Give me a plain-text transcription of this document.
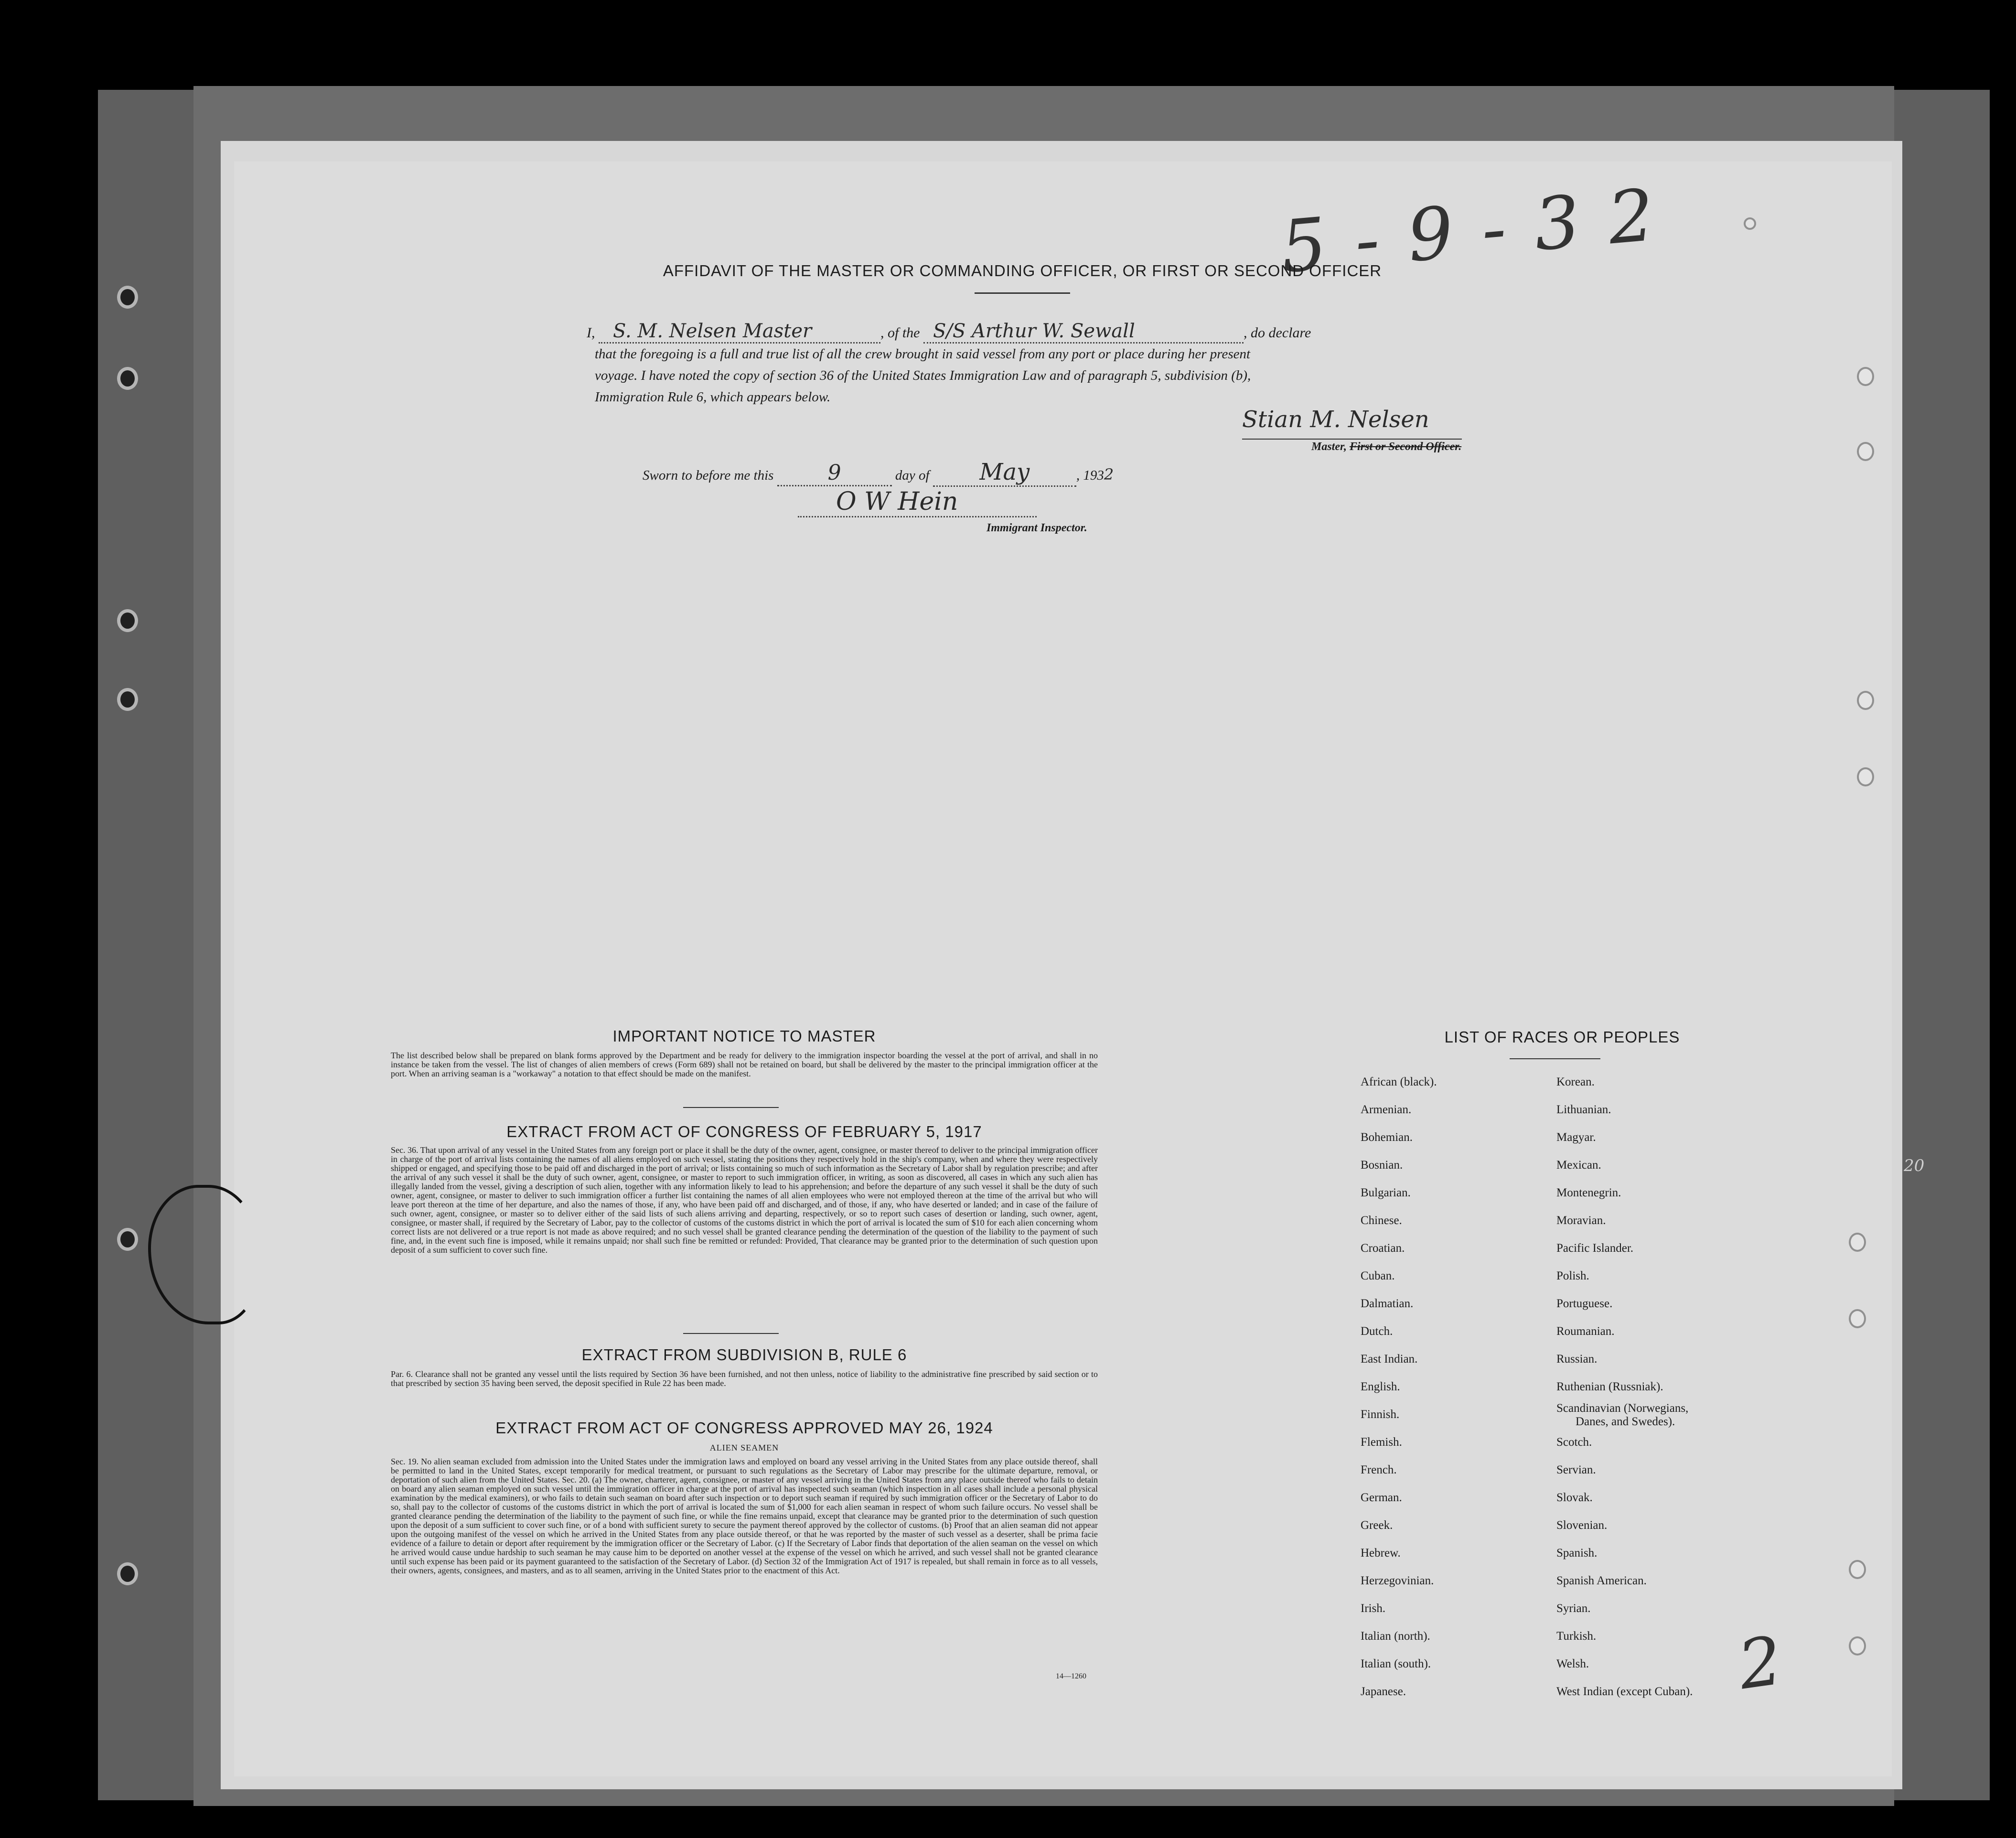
5-9-32
AFFIDAVIT OF THE MASTER OR COMMANDING OFFICER, OR FIRST OR SECOND OFFICER
I, S. M. Nelsen Master	, of the S/S Arthur W. Sewall	, do declare
that the foregoing is a full and true list of all the crew brought in said vessel from any port or place during her present
voyage. I have noted the copy of section 36 of the United States Immigration Law and of paragraph 5, subdivision (b),
Immigration Rule 6, which appears below.
Stian M. Nelsen
Master, First or Second Officer.
Sworn to before me this	9	day of May	, 1932
O W Hein
Immigrant Inspector.
IMPORTANT NOTICE TO MASTER
The list described below shall be prepared on blank forms approved by the Department and be ready for delivery to the immigration inspector boarding the vessel at the port of arrival, and shall in no instance be taken from the vessel. The list of changes of alien members of crews (Form 689) shall not be retained on board, but shall be delivered by the master to the principal immigration officer at the port. When an arriving seaman is a "workaway" a notation to that effect should be made on the manifest.
EXTRACT FROM ACT OF CONGRESS OF FEBRUARY 5, 1917
Sec. 36. That upon arrival of any vessel in the United States from any foreign port or place it shall be the duty of the owner, agent, consignee, or master thereof to deliver to the principal immigration officer in charge of the port of arrival lists containing the names of all aliens employed on such vessel, stating the positions they respectively hold in the ship's company, when and where they were respectively shipped or engaged, and specifying those to be paid off and discharged in the port of arrival; or lists containing so much of such information as the Secretary of Labor shall by regulation prescribe; and after the arrival of any such vessel it shall be the duty of such owner, agent, consignee, or master to report to such immigration officer, in writing, as soon as discovered, all cases in which any such alien has illegally landed from the vessel, giving a description of such alien, together with any information likely to lead to his apprehension; and before the departure of any such vessel it shall be the duty of such owner, agent, consignee, or master to deliver to such immigration officer a further list containing the names of all alien employees who were not employed thereon at the time of the arrival but who will leave port thereon at the time of her departure, and also the names of those, if any, who have been paid off and discharged, and of those, if any, who have deserted or landed; and in case of the failure of such owner, agent, consignee, or master so to deliver either of the said lists of such aliens arriving and departing, respectively, or so to report such cases of desertion or landing, such owner, agent, consignee, or master shall, if required by the Secretary of Labor, pay to the collector of customs of the customs district in which the port of arrival is located the sum of $10 for each alien concerning whom correct lists are not delivered or a true report is not made as above required; and no such vessel shall be granted clearance pending the determination of the question of the liability to the payment of such fine, and, in the event such fine is imposed, while it remains unpaid; nor shall such fine be remitted or refunded: Provided, That clearance may be granted prior to the determination of such question upon deposit of a sum sufficient to cover such fine.
EXTRACT FROM SUBDIVISION B, RULE 6
Par. 6. Clearance shall not be granted any vessel until the lists required by Section 36 have been furnished, and not then unless, notice of liability to the administrative fine prescribed by said section or to that prescribed by section 35 having been served, the deposit specified in Rule 22 has been made.
EXTRACT FROM ACT OF CONGRESS APPROVED MAY 26, 1924
ALIEN SEAMEN
Sec. 19. No alien seaman excluded from admission into the United States under the immigration laws and employed on board any vessel arriving in the United States from any place outside thereof, shall be permitted to land in the United States, except temporarily for medical treatment, or pursuant to such regulations as the Secretary of Labor may prescribe for the ultimate departure, removal, or deportation of such alien from the United States. Sec. 20. (a) The owner, charterer, agent, consignee, or master of any vessel arriving in the United States from any place outside thereof who fails to detain on board any alien seaman employed on such vessel until the immigration officer in charge at the port of arrival has inspected such seaman (which inspection in all cases shall include a personal physical examination by the medical examiners), or who fails to detain such seaman on board after such inspection or to deport such seaman if required by such immigration officer or the Secretary of Labor to do so, shall pay to the collector of customs of the customs district in which the port of arrival is located the sum of $1,000 for each alien seaman in respect of whom such failure occurs. No vessel shall be granted clearance pending the determination of the liability to the payment of such fine, or while the fine remains unpaid, except that clearance may be granted prior to the determination of such question upon the deposit of a sum sufficient to cover such fine, or of a bond with sufficient surety to secure the payment thereof approved by the collector of customs. (b) Proof that an alien seaman did not appear upon the outgoing manifest of the vessel on which he arrived in the United States from any place outside thereof, or that he was reported by the master of such vessel as a deserter, shall be prima facie evidence of a failure to detain or deport after requirement by the immigration officer or the Secretary of Labor. (c) If the Secretary of Labor finds that deportation of the alien seaman on the vessel on which he arrived would cause undue hardship to such seaman he may cause him to be deported on another vessel at the expense of the vessel on which he arrived, and such vessel shall not be granted clearance until such expense has been paid or its payment guaranteed to the satisfaction of the Secretary of Labor. (d) Section 32 of the Immigration Act of 1917 is repealed, but shall remain in force as to all vessels, their owners, agents, consignees, and masters, and as to all seamen, arriving in the United States prior to the enactment of this Act.
14—1260
LIST OF RACES OR PEOPLES
African (black).
Armenian.
Bohemian.
Bosnian.
Bulgarian.
Chinese.
Croatian.
Cuban.
Dalmatian.
Dutch.
East Indian.
English.
Finnish.
Flemish.
French.
German.
Greek.
Hebrew.
Herzegovinian.
Irish.
Italian (north).
Italian (south).
Japanese.
Korean.
Lithuanian.
Magyar.
Mexican.
Montenegrin.
Moravian.
Pacific Islander.
Polish.
Portuguese.
Roumanian.
Russian.
Ruthenian (Russniak).
Scandinavian (Norwegians,
Danes, and Swedes).
Scotch.
Servian.
Slovak.
Slovenian.
Spanish.
Spanish American.
Syrian.
Turkish.
Welsh.
West Indian (except Cuban).
20
2
